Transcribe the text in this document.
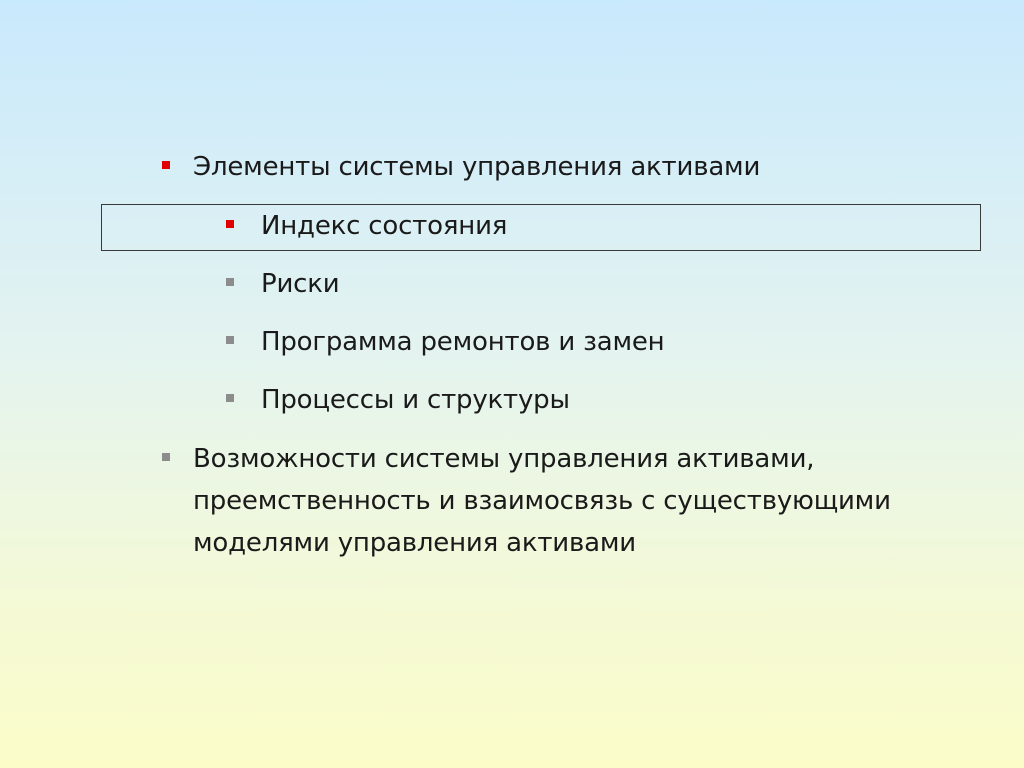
Элементы системы управления активами
Индекс состояния
Риски
Программа ремонтов и замен
Процессы и структуры
Возможности системы управления активами,
преемственность и взаимосвязь с существующими
моделями управления активами
